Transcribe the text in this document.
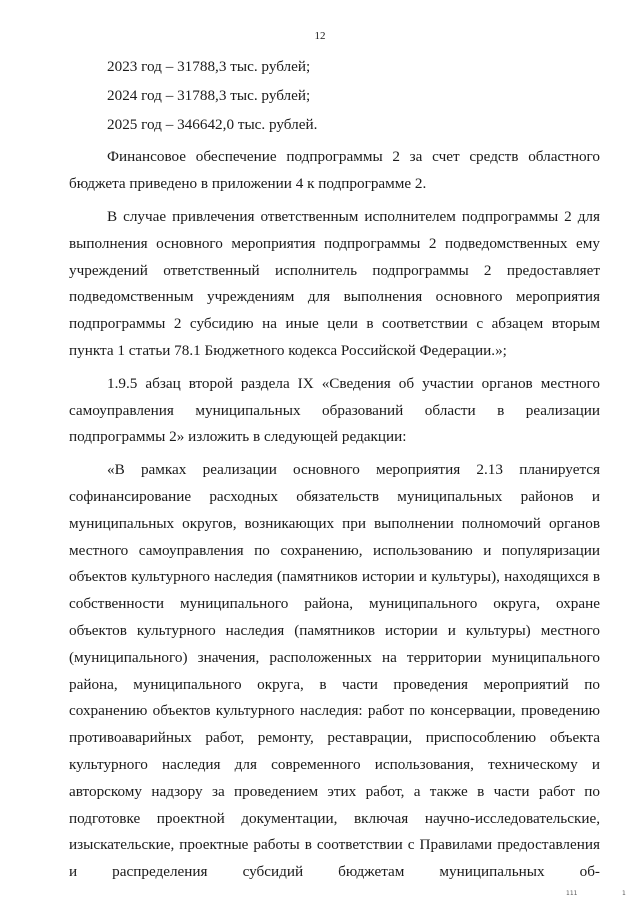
12

2023 год – 31788,3 тыс. рублей;

2024 год – 31788,3 тыс. рублей;

2025 год – 346642,0 тыс. рублей.

Финансовое обеспечение подпрограммы 2 за счет средств областного бюджета приведено в приложении 4 к подпрограмме 2.

В случае привлечения ответственным исполнителем подпрограммы 2 для выполнения основного мероприятия подпрограммы 2 подведомственных ему учреждений ответственный исполнитель подпрограммы 2 предоставляет подведомственным учреждениям для выполнения основного мероприятия подпрограммы 2 субсидию на иные цели в соответствии с абзацем вторым пункта 1 статьи 78.1 Бюджетного кодекса Российской Федерации.»;

1.9.5 абзац второй раздела IX «Сведения об участии органов местного самоуправления муниципальных образований области в реализации подпрограммы 2» изложить в следующей редакции:

«В рамках реализации основного мероприятия 2.13 планируется софинансирование расходных обязательств муниципальных районов и муниципальных округов, возникающих при выполнении полномочий органов местного самоуправления по сохранению, использованию и популяризации объектов культурного наследия (памятников истории и культуры), находящихся в собственности муниципального района, муниципального округа, охране объектов культурного наследия (памятников истории и культуры) местного (муниципального) значения, расположенных на территории муниципального района, муниципального округа, в части проведения мероприятий по сохранению объектов культурного наследия: работ по консервации, проведению противоаварийных работ, ремонту, реставрации, приспособлению объекта культурного наследия для современного использования, техническому и авторскому надзору за проведением этих работ, а также в части работ по подготовке проектной документации, включая научно-исследовательские, изыскательские, проектные работы в соответствии с Правилами предоставления и распределения субсидий бюджетам муниципальных об-

111	1
